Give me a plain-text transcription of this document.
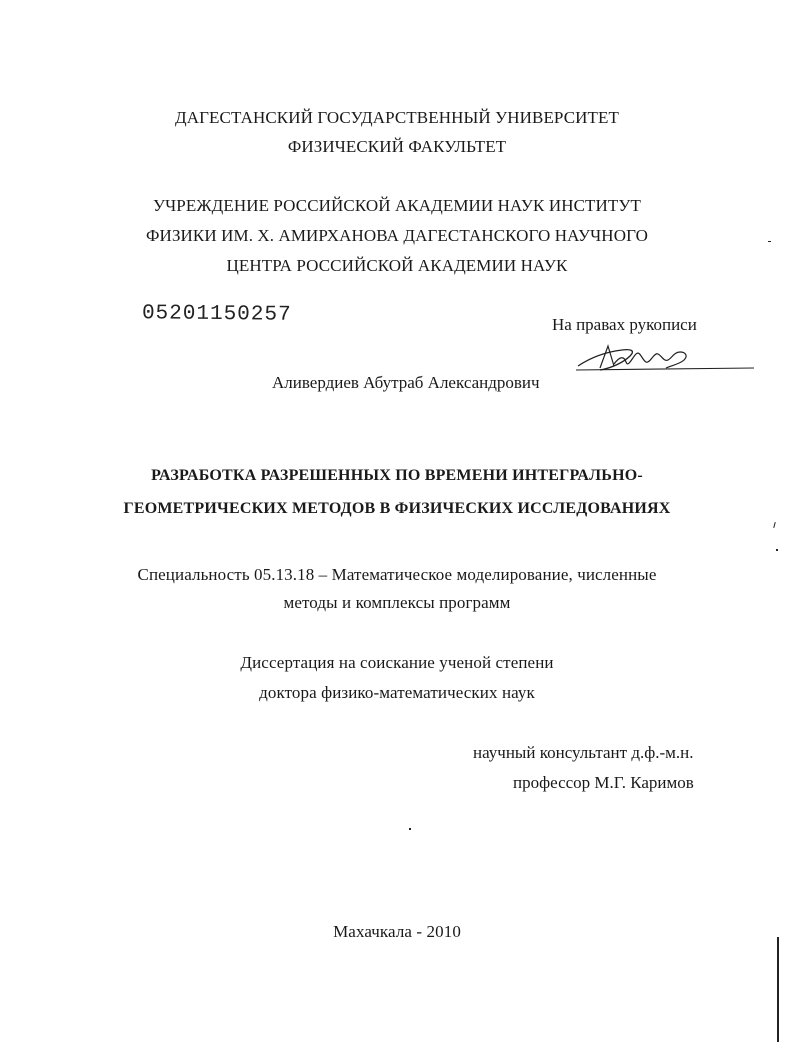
ДАГЕСТАНСКИЙ ГОСУДАРСТВЕННЫЙ УНИВЕРСИТЕТ
ФИЗИЧЕСКИЙ ФАКУЛЬТЕТ
УЧРЕЖДЕНИЕ РОССИЙСКОЙ АКАДЕМИИ НАУК ИНСТИТУТ
ФИЗИКИ ИМ. Х. АМИРХАНОВА ДАГЕСТАНСКОГО НАУЧНОГО
ЦЕНТРА РОССИЙСКОЙ АКАДЕМИИ НАУК
05201150257	На правах рукописи
Аливердиев Абутраб Александрович
РАЗРАБОТКА РАЗРЕШЕННЫХ ПО ВРЕМЕНИ ИНТЕГРАЛЬНО-
ГЕОМЕТРИЧЕСКИХ МЕТОДОВ В ФИЗИЧЕСКИХ ИССЛЕДОВАНИЯХ
Специальность 05.13.18 – Математическое моделирование, численные
методы и комплексы программ
Диссертация на соискание ученой степени
доктора физико-математических наук
научный консультант д.ф.-м.н.
профессор М.Г. Каримов
Махачкала - 2010
